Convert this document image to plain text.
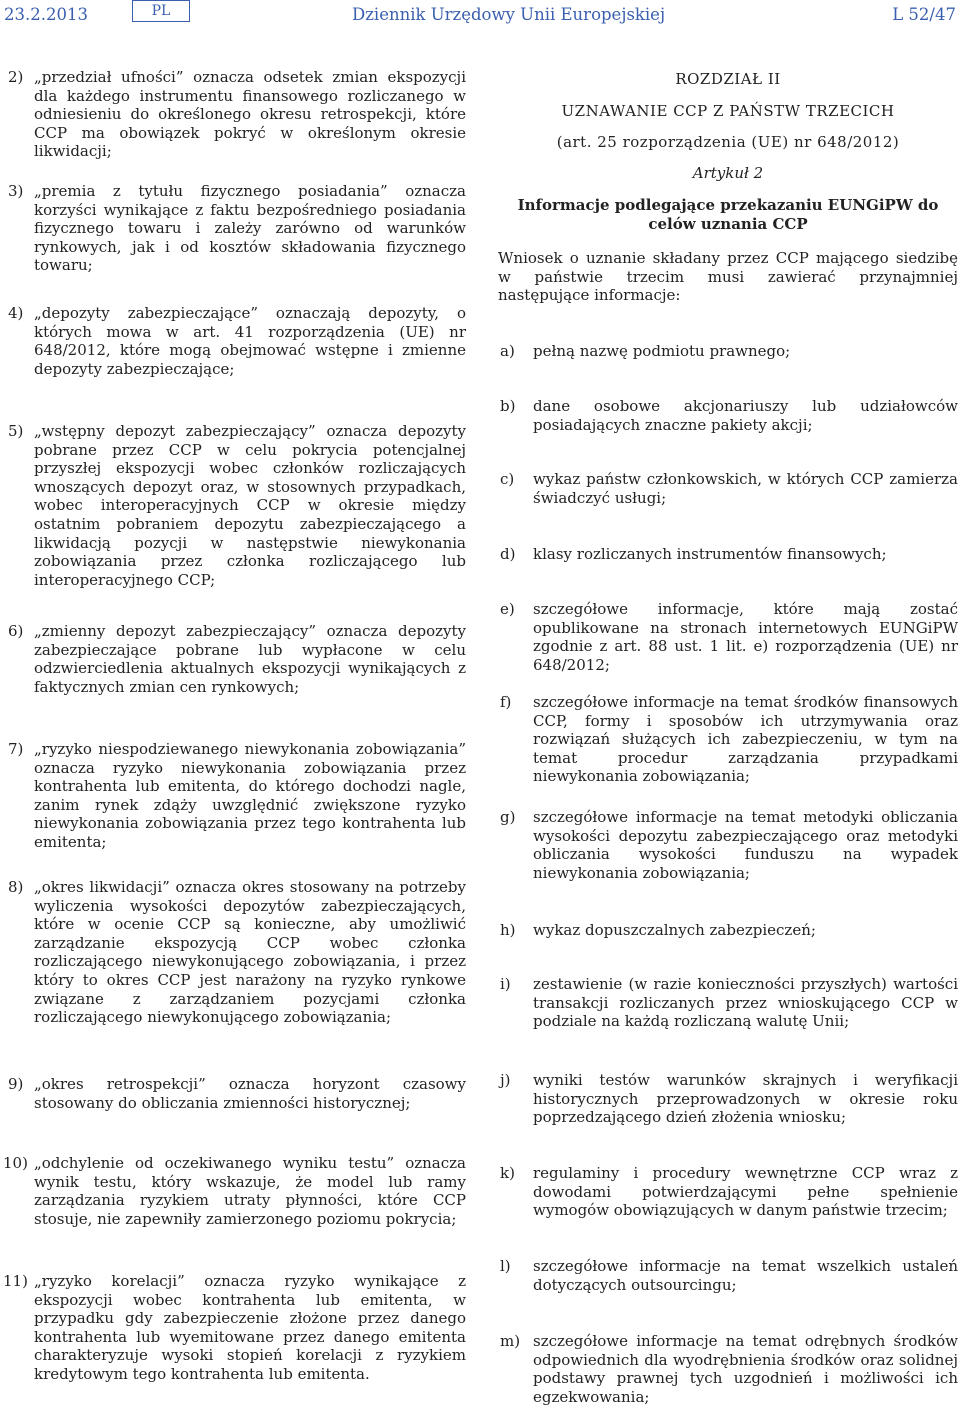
23.2.2013	PL	Dziennik Urzędowy Unii Europejskiej	L 52/47
2) „przedział ufności” oznacza odsetek zmian ekspozycji dla każdego instrumentu finansowego rozliczanego w odniesieniu do określonego okresu retrospekcji, które CCP ma obowiązek pokryć w określonym okresie likwidacji;
3) „premia z tytułu fizycznego posiadania” oznacza korzyści wynikające z faktu bezpośredniego posiadania fizycznego towaru i zależy zarówno od warunków rynkowych, jak i od kosztów składowania fizycznego towaru;
4) „depozyty zabezpieczające” oznaczają depozyty, o których mowa w art. 41 rozporządzenia (UE) nr 648/2012, które mogą obejmować wstępne i zmienne depozyty zabezpieczające;
5) „wstępny depozyt zabezpieczający” oznacza depozyty pobrane przez CCP w celu pokrycia potencjalnej przyszłej ekspozycji wobec członków rozliczających wnoszących depozyt oraz, w stosownych przypadkach, wobec interoperacyjnych CCP w okresie między ostatnim pobraniem depozytu zabezpieczającego a likwidacją pozycji w następstwie niewykonania zobowiązania przez członka rozliczającego lub interoperacyjnego CCP;
6) „zmienny depozyt zabezpieczający” oznacza depozyty zabezpieczające pobrane lub wypłacone w celu odzwierciedlenia aktualnych ekspozycji wynikających z faktycznych zmian cen rynkowych;
7) „ryzyko niespodziewanego niewykonania zobowiązania” oznacza ryzyko niewykonania zobowiązania przez kontrahenta lub emitenta, do którego dochodzi nagle, zanim rynek zdąży uwzględnić zwiększone ryzyko niewykonania zobowiązania przez tego kontrahenta lub emitenta;
8) „okres likwidacji” oznacza okres stosowany na potrzeby wyliczenia wysokości depozytów zabezpieczających, które w ocenie CCP są konieczne, aby umożliwić zarządzanie ekspozycją CCP wobec członka rozliczającego niewykonującego zobowiązania, i przez który to okres CCP jest narażony na ryzyko rynkowe związane z zarządzaniem pozycjami członka rozliczającego niewykonującego zobowiązania;
9) „okres retrospekcji” oznacza horyzont czasowy stosowany do obliczania zmienności historycznej;
10) „odchylenie od oczekiwanego wyniku testu” oznacza wynik testu, który wskazuje, że model lub ramy zarządzania ryzykiem utraty płynności, które CCP stosuje, nie zapewniły zamierzonego poziomu pokrycia;
11) „ryzyko korelacji” oznacza ryzyko wynikające z ekspozycji wobec kontrahenta lub emitenta, w przypadku gdy zabezpieczenie złożone przez danego kontrahenta lub wyemitowane przez danego emitenta charakteryzuje wysoki stopień korelacji z ryzykiem kredytowym tego kontrahenta lub emitenta.
ROZDZIAŁ II
UZNAWANIE CCP Z PAŃSTW TRZECICH
(art. 25 rozporządzenia (UE) nr 648/2012)
Artykuł 2
Informacje podlegające przekazaniu EUNGiPW do celów uznania CCP
Wniosek o uznanie składany przez CCP mającego siedzibę w państwie trzecim musi zawierać przynajmniej następujące informacje:
a) pełną nazwę podmiotu prawnego;
b) dane osobowe akcjonariuszy lub udziałowców posiadających znaczne pakiety akcji;
c) wykaz państw członkowskich, w których CCP zamierza świadczyć usługi;
d) klasy rozliczanych instrumentów finansowych;
e) szczegółowe informacje, które mają zostać opublikowane na stronach internetowych EUNGiPW zgodnie z art. 88 ust. 1 lit. e) rozporządzenia (UE) nr 648/2012;
f) szczegółowe informacje na temat środków finansowych CCP, formy i sposobów ich utrzymywania oraz rozwiązań służących ich zabezpieczeniu, w tym na temat procedur zarządzania przypadkami niewykonania zobowiązania;
g) szczegółowe informacje na temat metodyki obliczania wysokości depozytu zabezpieczającego oraz metodyki obliczania wysokości funduszu na wypadek niewykonania zobowiązania;
h) wykaz dopuszczalnych zabezpieczeń;
i) zestawienie (w razie konieczności przyszłych) wartości transakcji rozliczanych przez wnioskującego CCP w podziale na każdą rozliczaną walutę Unii;
j) wyniki testów warunków skrajnych i weryfikacji historycznych przeprowadzonych w okresie roku poprzedzającego dzień złożenia wniosku;
k) regulaminy i procedury wewnętrzne CCP wraz z dowodami potwierdzającymi pełne spełnienie wymogów obowiązujących w danym państwie trzecim;
l) szczegółowe informacje na temat wszelkich ustaleń dotyczących outsourcingu;
m) szczegółowe informacje na temat odrębnych środków odpowiednich dla wyodrębnienia środków oraz solidnej podstawy prawnej tych uzgodnień i możliwości ich egzekwowania;
